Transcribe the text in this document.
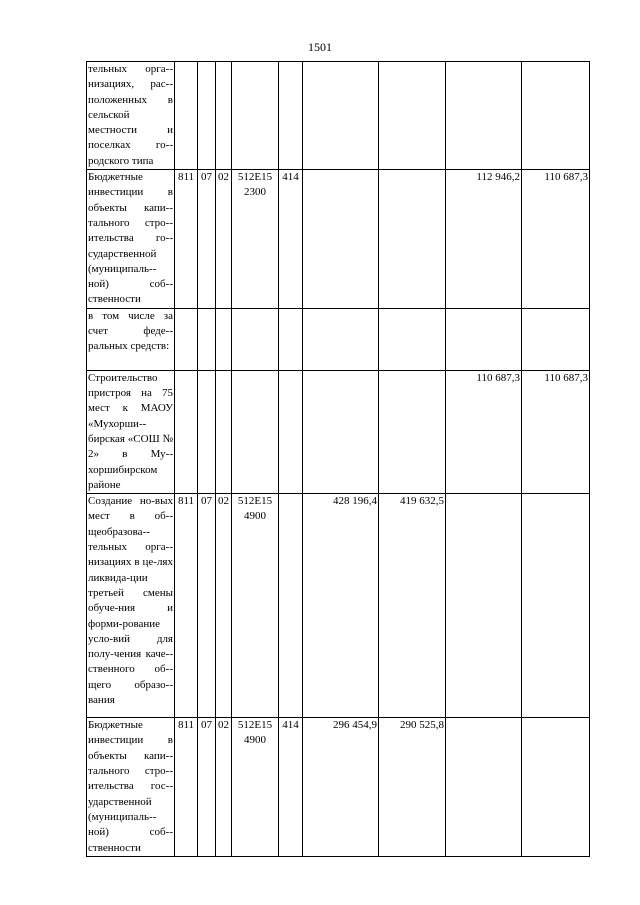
1501
тельных орга-низациях, рас-положенных в сельской местности и поселках го-родского типа									
Бюджетные инвестиции в объекты капи-тального стро-ительства го-сударственной (муниципаль-ной) соб-ственности	811	07	02	512E15 2300	414			112 946,2	110 687,3
в том числе за счет феде-ральных средств:									
Строительство пристроя на 75 мест к МАОУ «Мухорши-бирская «СОШ № 2» в Му-хоршибирском районе								110 687,3	110 687,3
Создание но-вых мест в об-щеобразова-тельных орга-низациях в це-лях ликвида-ции третьей смены обуче-ния и форми-рование усло-вий для полу-чения каче-ственного об-щего образо-вания	811	07	02	512E15 4900		428 196,4	419 632,5		
Бюджетные инвестиции в объекты капи-тального стро-ительства гос-ударственной (муниципаль-ной) соб-ственности	811	07	02	512E15 4900	414	296 454,9	290 525,8		
